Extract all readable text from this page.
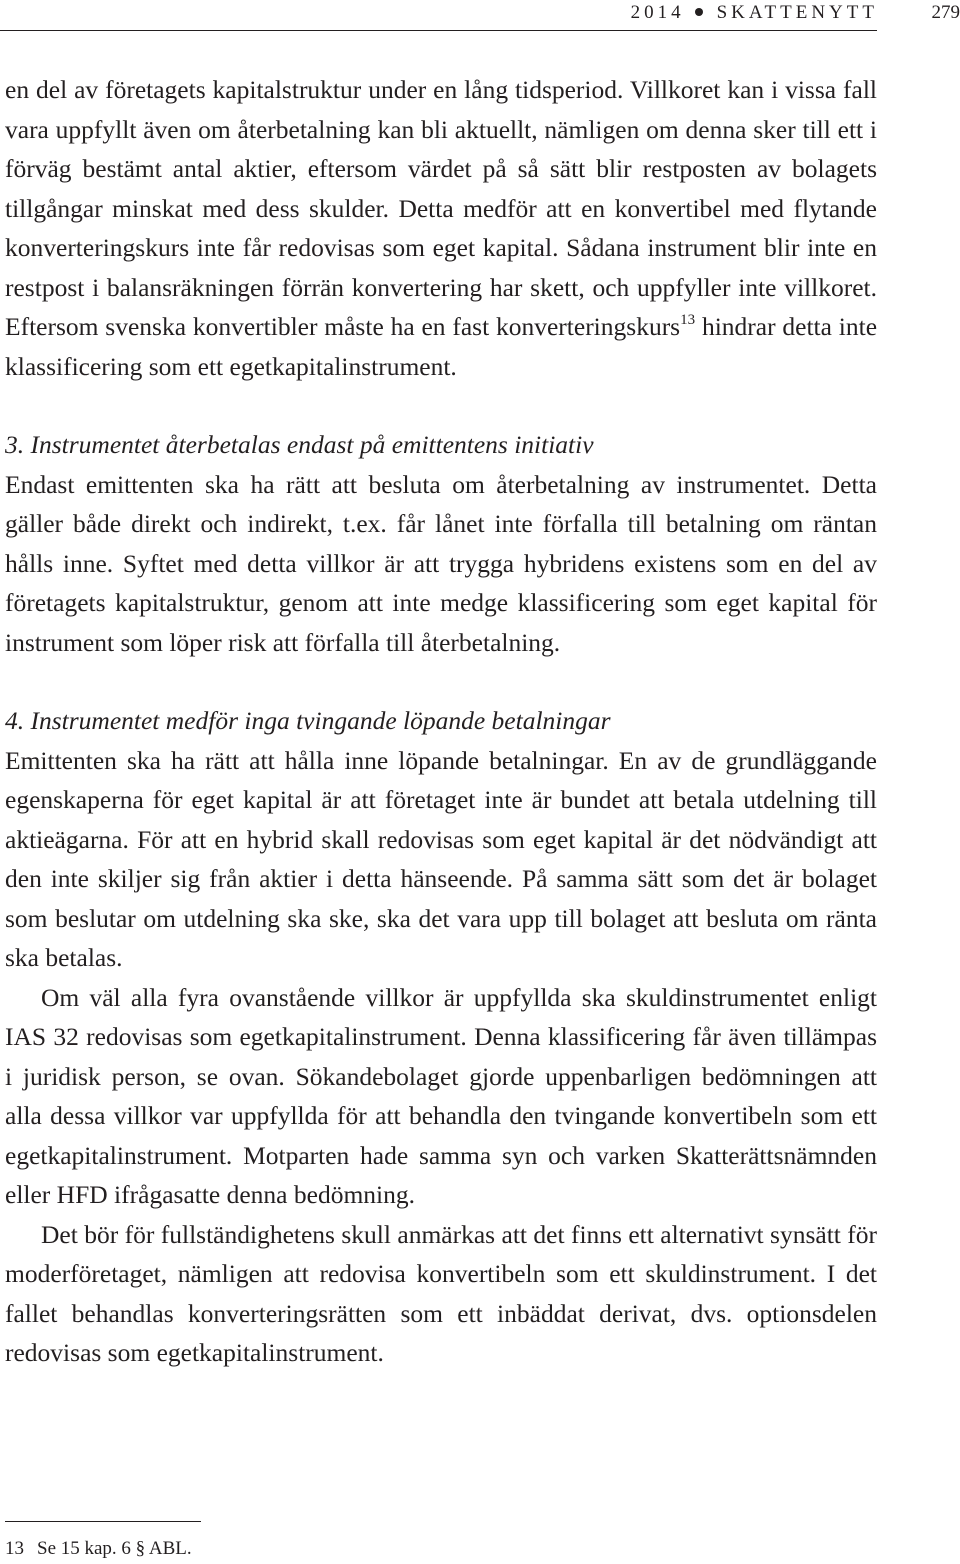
2014 SKATTENYTT	279

en del av företagets kapitalstruktur under en lång tidsperiod. Villkoret kan i vissa fall vara uppfyllt även om återbetalning kan bli aktuellt, nämligen om denna sker till ett i förväg bestämt antal aktier, eftersom värdet på så sätt blir restposten av bolagets tillgångar minskat med dess skulder. Detta medför att en konvertibel med flytande konverteringskurs inte får redovisas som eget kapital. Sådana instrument blir inte en restpost i balansräkningen förrän konvertering har skett, och uppfyller inte villkoret. Eftersom svenska konvertibler måste ha en fast konverteringskurs$^{13}$ hindrar detta inte klassificering som ett egetkapitalinstrument.

3. Instrumentet återbetalas endast på emittentens initiativ

Endast emittenten ska ha rätt att besluta om återbetalning av instrumentet. Detta gäller både direkt och indirekt, t.ex. får lånet inte förfalla till betalning om räntan hålls inne. Syftet med detta villkor är att trygga hybridens existens som en del av företagets kapitalstruktur, genom att inte medge klassificering som eget kapital för instrument som löper risk att förfalla till återbetalning.

4. Instrumentet medför inga tvingande löpande betalningar

Emittenten ska ha rätt att hålla inne löpande betalningar. En av de grundläggande egenskaperna för eget kapital är att företaget inte är bundet att betala utdelning till aktieägarna. För att en hybrid skall redovisas som eget kapital är det nödvändigt att den inte skiljer sig från aktier i detta hänseende. På samma sätt som det är bolaget som beslutar om utdelning ska ske, ska det vara upp till bolaget att besluta om ränta ska betalas.

Om väl alla fyra ovanstående villkor är uppfyllda ska skuldinstrumentet enligt IAS 32 redovisas som egetkapitalinstrument. Denna klassificering får även tillämpas i juridisk person, se ovan. Sökandebolaget gjorde uppenbarligen bedömningen att alla dessa villkor var uppfyllda för att behandla den tvingande konvertibeln som ett egetkapitalinstrument. Motparten hade samma syn och varken Skatterättsnämnden eller HFD ifrågasatte denna bedömning.

Det bör för fullständighetens skull anmärkas att det finns ett alternativt synsätt för moderföretaget, nämligen att redovisa konvertibeln som ett skuldinstrument. I det fallet behandlas konverteringsrätten som ett inbäddat derivat, dvs. optionsdelen redovisas som egetkapitalinstrument.

13 Se 15 kap. 6 § ABL.
